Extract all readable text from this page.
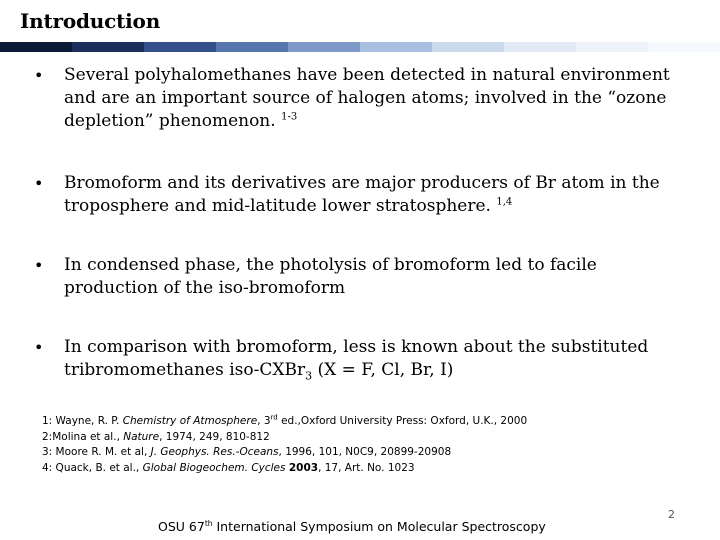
Introduction
•	Several polyhalomethanes have been detected in natural environment and are an important source of halogen atoms; involved in the “ozone depletion” phenomenon. $^{1-3}$
•	Bromoform and its derivatives are major producers of Br atom in the troposphere and mid-latitude lower stratosphere. $^{1,4}$
•	In condensed phase, the photolysis of bromoform led to facile production of the iso-bromoform
•	In comparison with bromoform, less is known about the substituted tribromomethanes iso-CXBr$_3$ (X = F, Cl, Br, I)
1: Wayne, R. P. Chemistry of Atmosphere, 3rd ed.,Oxford University Press: Oxford, U.K., 2000
2:Molina et al., Nature, 1974, 249, 810-812
3: Moore R. M. et al, J. Geophys. Res.-Oceans, 1996, 101, N0C9, 20899-20908
4: Quack, B. et al., Global Biogeochem. Cycles 2003, 17, Art. No. 1023
OSU 67th International Symposium on Molecular Spectroscopy
2
